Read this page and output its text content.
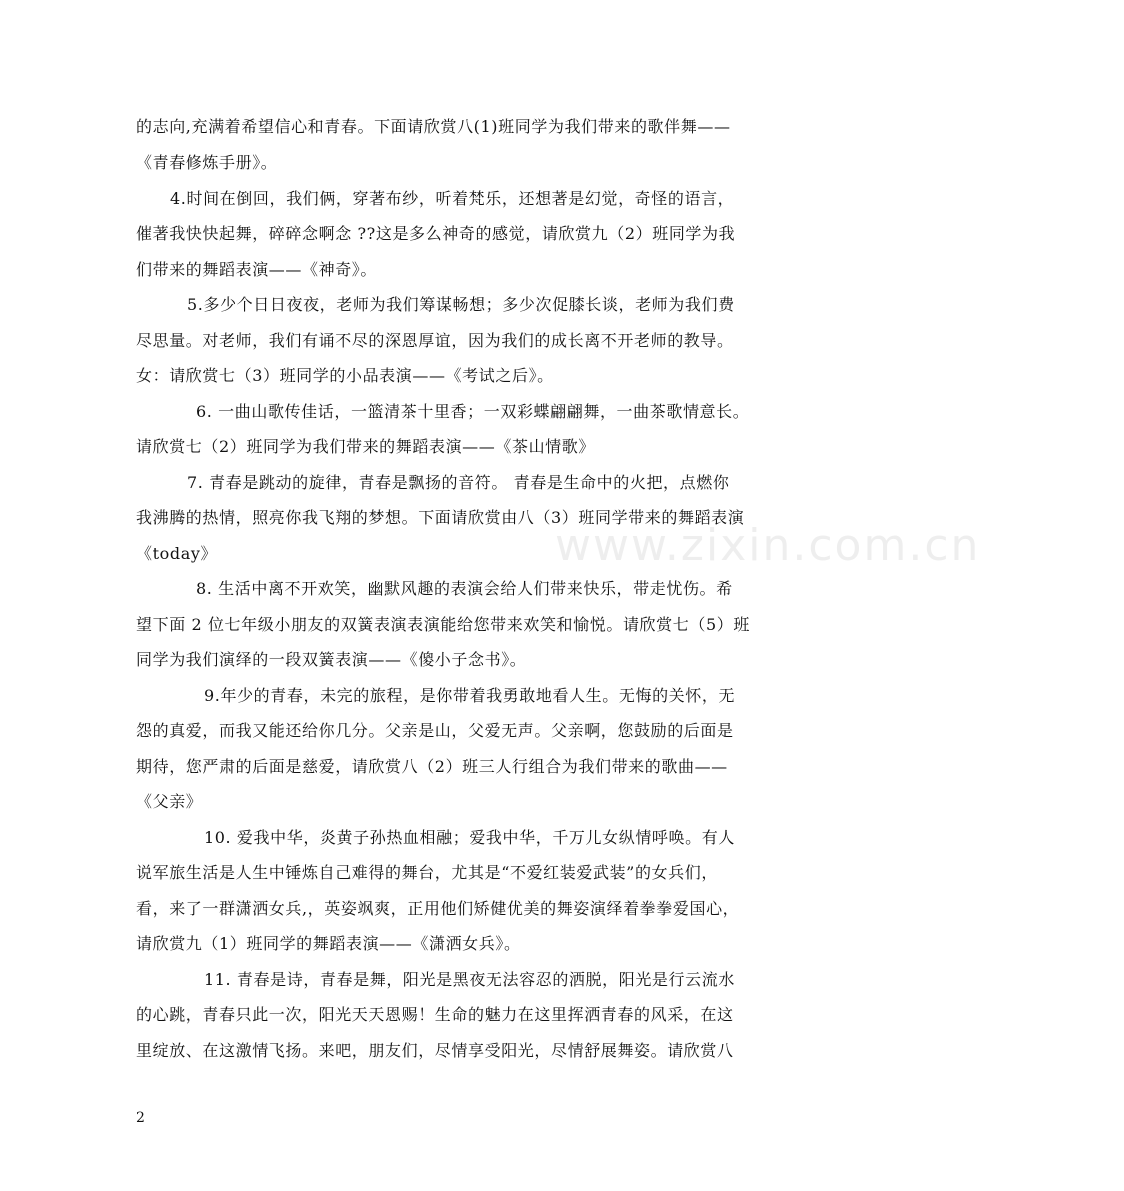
的志向,充满着希望信心和青春。下面请欣赏八(1)班同学为我们带来的歌伴舞——
《青春修炼手册》。
4.时间在倒回，我们俩，穿著布纱，听着梵乐，还想著是幻觉，奇怪的语言，
催著我快快起舞，碎碎念啊念 ??这是多么神奇的感觉，请欣赏九（2）班同学为我
们带来的舞蹈表演——《神奇》。
5.多少个日日夜夜，老师为我们筹谋畅想；多少次促膝长谈，老师为我们费
尽思量。对老师，我们有诵不尽的深恩厚谊，因为我们的成长离不开老师的教导。
女：请欣赏七（3）班同学的小品表演——《考试之后》。
6. 一曲山歌传佳话，一篮清茶十里香；一双彩蝶翩翩舞，一曲茶歌情意长。
请欣赏七（2）班同学为我们带来的舞蹈表演——《茶山情歌》
7. 青春是跳动的旋律，青春是飘扬的音符。 青春是生命中的火把，点燃你
我沸腾的热情，照亮你我飞翔的梦想。下面请欣赏由八（3）班同学带来的舞蹈表演
《today》
8. 生活中离不开欢笑，幽默风趣的表演会给人们带来快乐，带走忧伤。希
望下面 2 位七年级小朋友的双簧表演表演能给您带来欢笑和愉悦。请欣赏七（5）班
同学为我们演绎的一段双簧表演——《傻小子念书》。
9.年少的青春，未完的旅程，是你带着我勇敢地看人生。无悔的关怀，无
怨的真爱，而我又能还给你几分。父亲是山，父爱无声。父亲啊，您鼓励的后面是
期待，您严肃的后面是慈爱，请欣赏八（2）班三人行组合为我们带来的歌曲——
《父亲》
10. 爱我中华，炎黄子孙热血相融；爱我中华，千万儿女纵情呼唤。有人
说军旅生活是人生中锤炼自己难得的舞台，尤其是“不爱红装爱武装”的女兵们，
看，来了一群潇洒女兵,，英姿飒爽，正用他们矫健优美的舞姿演绎着拳拳爱国心，
请欣赏九（1）班同学的舞蹈表演——《潇洒女兵》。
11. 青春是诗，青春是舞，阳光是黑夜无法容忍的洒脱，阳光是行云流水
的心跳，青春只此一次，阳光天天恩赐！生命的魅力在这里挥洒青春的风采，在这
里绽放、在这激情飞扬。来吧，朋友们，尽情享受阳光，尽情舒展舞姿。请欣赏八
www.zixin.com.cn
2
